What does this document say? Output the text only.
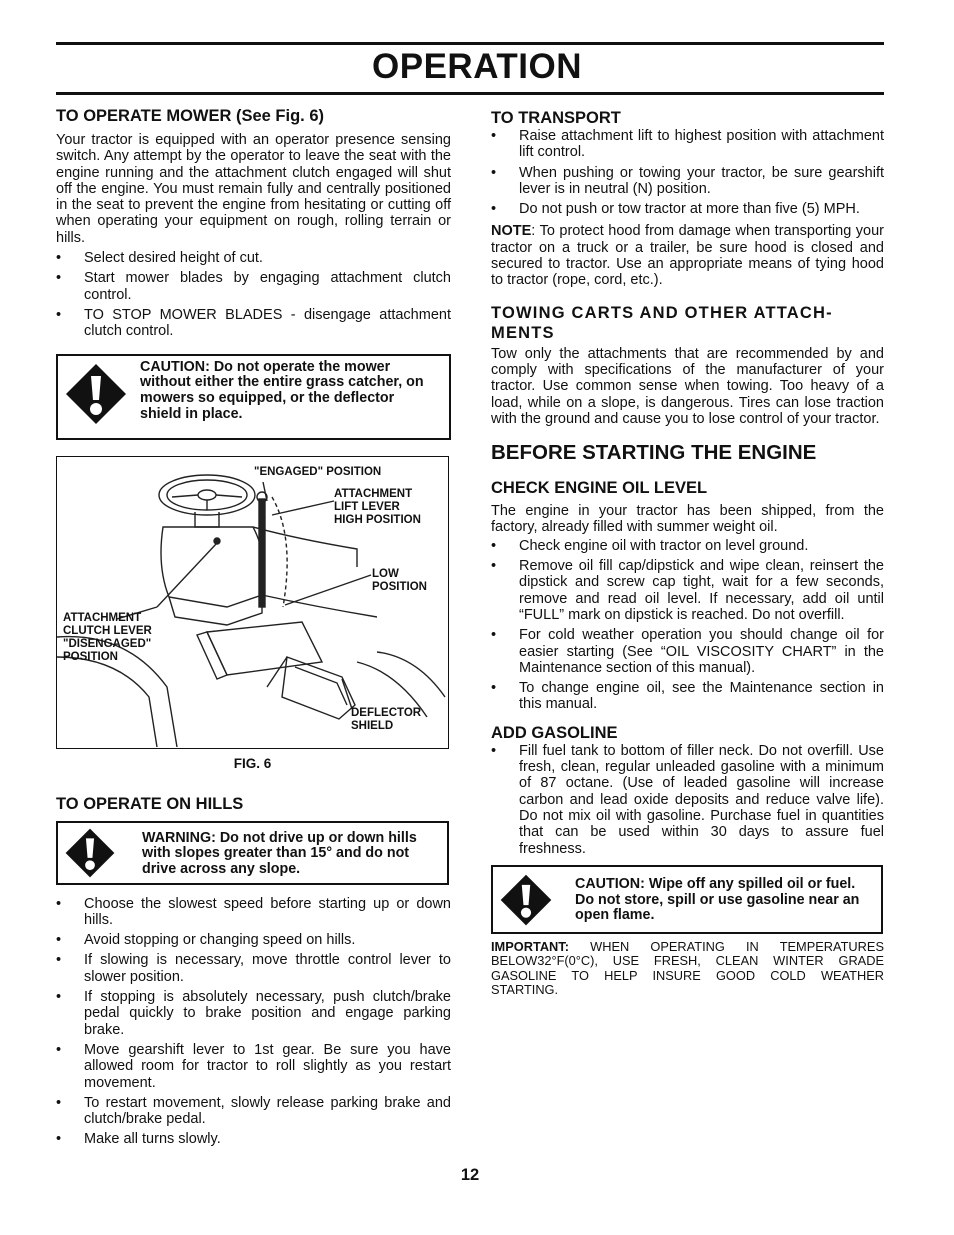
OPERATION
TO OPERATE MOWER (See Fig. 6)

Your tractor is equipped with an operator presence sensing switch. Any attempt by the operator to leave the seat with the engine running and the attachment clutch engaged will shut off the engine. You must remain fully and centrally positioned in the seat to prevent the engine from hesitating or cutting off when operating your equipment on rough, rolling terrain or hills.

• Select desired height of cut.
• Start mower blades by engaging attachment clutch control.
• TO STOP MOWER BLADES - disengage attachment clutch control.
CAUTION: Do not operate the mower without either the entire grass catcher, on mowers so equipped, or the deflector shield in place.
"ENGAGED" POSITION
ATTACHMENT
LIFT LEVER
HIGH POSITION
LOW
POSITION
ATTACHMENT
CLUTCH LEVER
"DISENGAGED"
POSITION
DEFLECTOR
SHIELD
FIG. 6
TO OPERATE ON HILLS
WARNING: Do not drive up or down hills with slopes greater than 15° and do not drive across any slope.
• Choose the slowest speed before starting up or down hills.
• Avoid stopping or changing speed on hills.
• If slowing is necessary, move throttle control lever to slower position.
• If stopping is absolutely necessary, push clutch/brake pedal quickly to brake position and engage parking brake.
• Move gearshift lever to 1st gear. Be sure you have allowed room for tractor to roll slightly as you restart movement.
• To restart movement, slowly release parking brake and clutch/brake pedal.
• Make all turns slowly.
TO TRANSPORT
• Raise attachment lift to highest position with attachment lift control.
• When pushing or towing your tractor, be sure gearshift lever is in neutral (N) position.
• Do not push or tow tractor at more than five (5) MPH.

NOTE: To protect hood from damage when transporting your tractor on a truck or a trailer, be sure hood is closed and secured to tractor. Use an appropriate means of tying hood to tractor (rope, cord, etc.).

TOWING CARTS AND OTHER ATTACH-MENTS

Tow only the attachments that are recommended by and comply with specifications of the manufacturer of your tractor. Use common sense when towing. Too heavy of a load, while on a slope, is dangerous. Tires can lose traction with the ground and cause you to lose control of your tractor.

BEFORE STARTING THE ENGINE
CHECK ENGINE OIL LEVEL

The engine in your tractor has been shipped, from the factory, already filled with summer weight oil.

• Check engine oil with tractor on level ground.
• Remove oil fill cap/dipstick and wipe clean, reinsert the dipstick and screw cap tight, wait for a few seconds, remove and read oil level. If necessary, add oil until “FULL” mark on dipstick is reached. Do not overfill.
• For cold weather operation you should change oil for easier starting (See “OIL VISCOSITY CHART” in the Maintenance section of this manual).
• To change engine oil, see the Maintenance section in this manual.
ADD GASOLINE
• Fill fuel tank to bottom of filler neck. Do not overfill. Use fresh, clean, regular unleaded gasoline with a minimum of 87 octane. (Use of leaded gasoline will increase carbon and lead oxide deposits and reduce valve life). Do not mix oil with gasoline. Purchase fuel in quantities that can be used within 30 days to assure fuel freshness.
CAUTION: Wipe off any spilled oil or fuel. Do not store, spill or use gasoline near an open flame.

IMPORTANT: WHEN OPERATING IN TEMPERATURES BELOW32°F(0°C), USE FRESH, CLEAN WINTER GRADE GASOLINE TO HELP INSURE GOOD COLD WEATHER STARTING.

12
